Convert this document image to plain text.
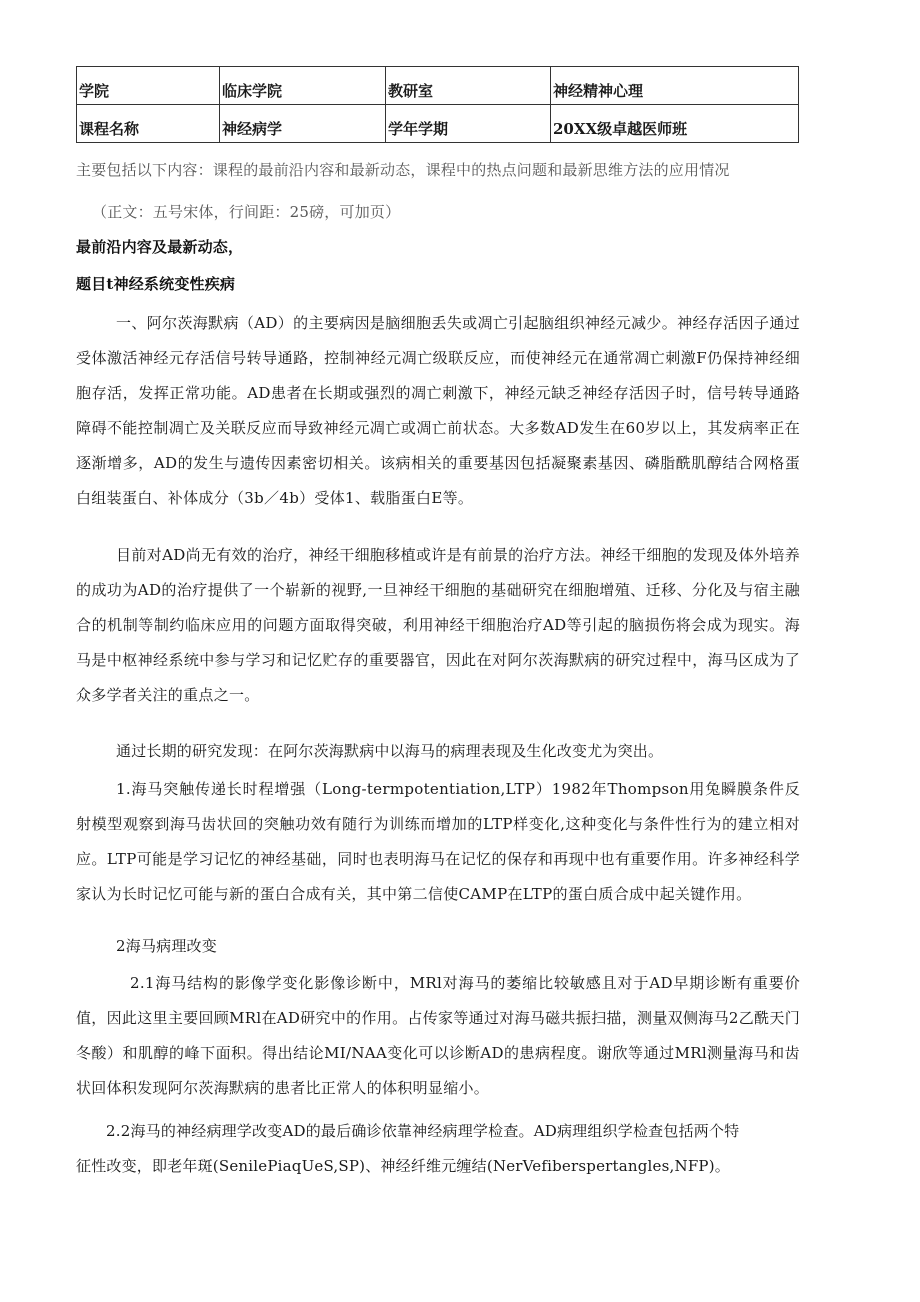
学院	临床学院	教研室	神经精神心理
课程名称	神经病学	学年学期	20XX级卓越医师班
主要包括以下内容：课程的最前沿内容和最新动态，课程中的热点问题和最新思维方法的应用情况
（正文：五号宋体，行间距：25磅，可加页）
最前沿内容及最新动态，
题目t神经系统变性疾病

一、阿尔茨海默病（AD）的主要病因是脑细胞丢失或凋亡引起脑组织神经元减少。神经存活因子通过受体激活神经元存活信号转导通路，控制神经元凋亡级联反应，而使神经元在通常凋亡刺激F仍保持神经细胞存活，发挥正常功能。AD患者在长期或强烈的凋亡刺激下，神经元缺乏神经存活因子时，信号转导通路障碍不能控制凋亡及关联反应而导致神经元凋亡或凋亡前状态。大多数AD发生在60岁以上，其发病率正在逐渐增多，AD的发生与遗传因素密切相关。该病相关的重要基因包括凝聚素基因、磷脂酰肌醇结合网格蛋白组装蛋白、补体成分（3b／4b）受体1、载脂蛋白E等。

目前对AD尚无有效的治疗，神经干细胞移植或许是有前景的治疗方法。神经干细胞的发现及体外培养的成功为AD的治疗提供了一个崭新的视野,一旦神经干细胞的基础研究在细胞增殖、迁移、分化及与宿主融合的机制等制约临床应用的问题方面取得突破，利用神经干细胞治疗AD等引起的脑损伤将会成为现实。海马是中枢神经系统中参与学习和记忆贮存的重要器官，因此在对阿尔茨海默病的研究过程中，海马区成为了众多学者关注的重点之一。

通过长期的研究发现：在阿尔茨海默病中以海马的病理表现及生化改变尤为突出。

1.海马突触传递长时程增强（Long-termpotentiation,LTP）1982年Thompson用兔瞬膜条件反射模型观察到海马齿状回的突触功效有随行为训练而增加的LTP样变化,这种变化与条件性行为的建立相对应。LTP可能是学习记忆的神经基础，同时也表明海马在记忆的保存和再现中也有重要作用。许多神经科学家认为长时记忆可能与新的蛋白合成有关，其中第二信使CAMP在LTP的蛋白质合成中起关键作用。

2海马病理改变

2.1海马结构的影像学变化影像诊断中，MRl对海马的萎缩比较敏感且对于AD早期诊断有重要价值，因此这里主要回顾MRl在AD研究中的作用。占传家等通过对海马磁共振扫描，测量双侧海马2乙酰天门冬酸）和肌醇的峰下面积。得出结论MI/NAA变化可以诊断AD的患病程度。谢欣等通过MRl测量海马和齿状回体积发现阿尔茨海默病的患者比正常人的体积明显缩小。

2.2海马的神经病理学改变AD的最后确诊依靠神经病理学检查。AD病理组织学检查包括两个特
征性改变，即老年斑(SenilePiaqUeS,SP)、神经纤维元缠结(NerVefiberspertangles,NFP)。
